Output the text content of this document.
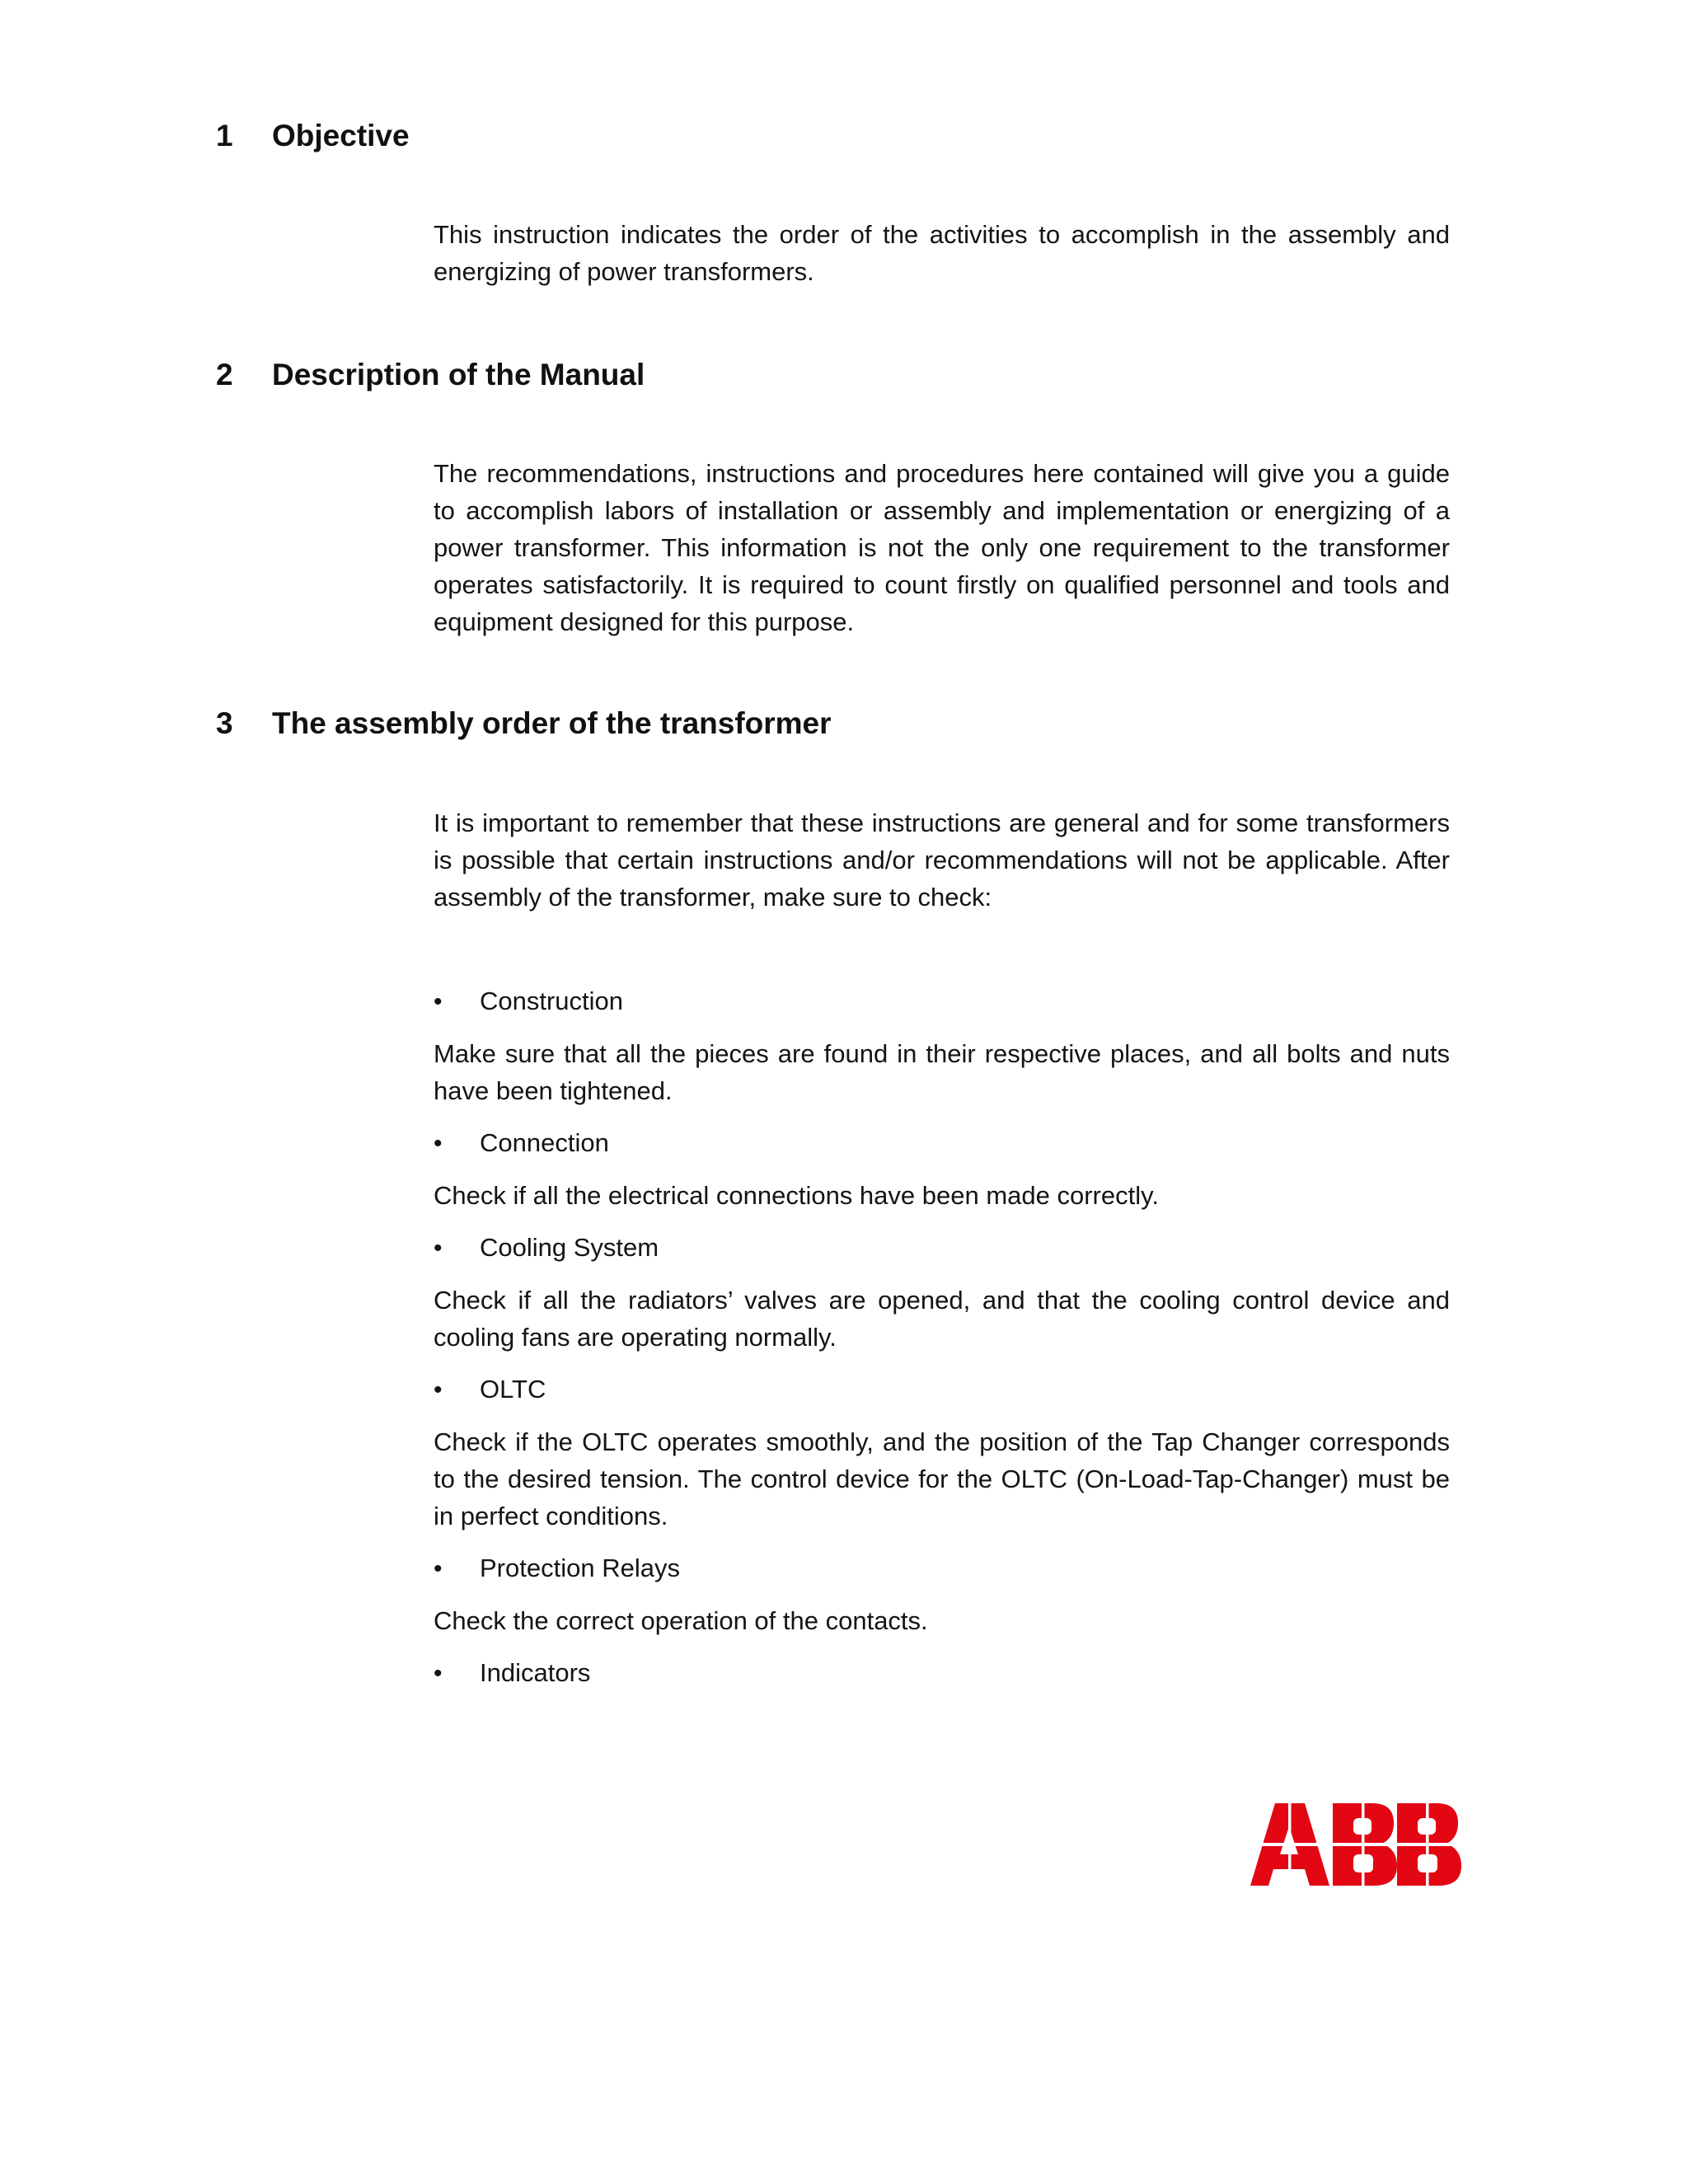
1	Objective
This instruction indicates the order of the activities to accomplish in the assembly and energizing of power transformers.
2	Description of the Manual
The recommendations, instructions and procedures here contained will give you a guide to accomplish labors of installation or assembly and implementation or energizing of a power transformer. This information is not the only one requirement to the transformer operates satisfactorily. It is required to count firstly on qualified personnel and tools and equipment designed for this purpose.
3	The assembly order of the transformer
It is important to remember that these instructions are general and for some transformers is possible that certain instructions and/or recommendations will not be applicable. After assembly of the transformer, make sure to check:
•	Construction
Make sure that all the pieces are found in their respective places, and all bolts and nuts have been tightened.
•	Connection
Check if all the electrical connections have been made correctly.
•	Cooling System
Check if all the radiators’ valves are opened, and that the cooling control device and cooling fans are operating normally.
•	OLTC
Check if the OLTC operates smoothly, and the position of the Tap Changer corresponds to the desired tension. The control device for the OLTC (On-Load-Tap-Changer) must be in perfect conditions.
•	Protection Relays
Check the correct operation of the contacts.
•	Indicators
